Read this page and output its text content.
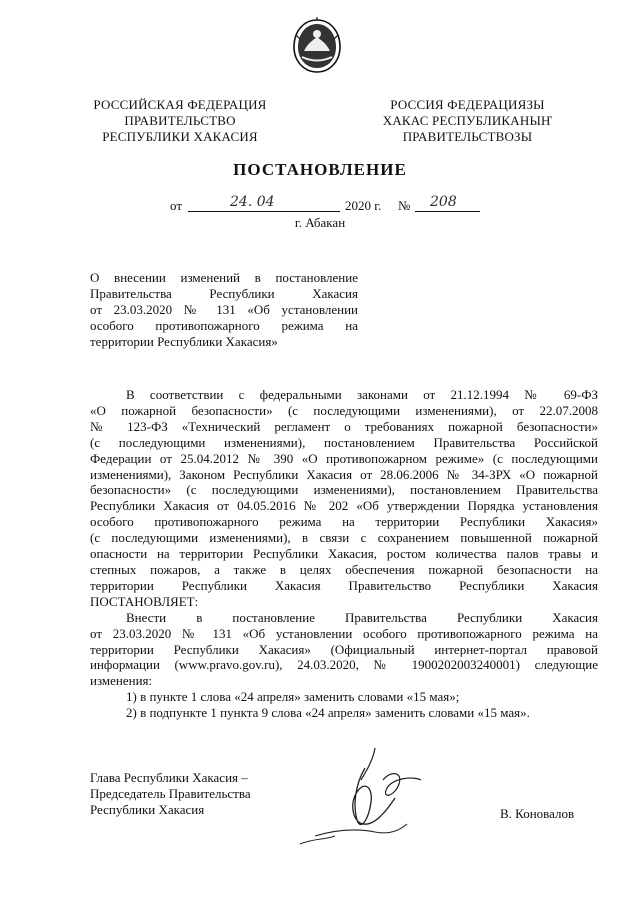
РОССИЙСКАЯ ФЕДЕРАЦИЯ
ПРАВИТЕЛЬСТВО
РЕСПУБЛИКИ ХАКАСИЯ
РОССИЯ ФЕДЕРАЦИЯЗЫ
ХАКАС РЕСПУБЛИКАНЫҤ
ПРАВИТЕЛЬСТВОЗЫ
ПОСТАНОВЛЕНИЕ
от	24. 04	2020 г. № 208
г. Абакан
О внесении изменений в постановление
Правительства Республики Хакасия
от 23.03.2020 № 131 «Об установлении
особого противопожарного режима на
территории Республики Хакасия»
В соответствии с федеральными законами от 21.12.1994 № 69-ФЗ
«О пожарной безопасности» (с последующими изменениями), от 22.07.2008
№ 123-ФЗ «Технический регламент о требованиях пожарной безопасности»
(с последующими изменениями), постановлением Правительства Российской
Федерации от 25.04.2012 № 390 «О противопожарном режиме» (с последующими
изменениями), Законом Республики Хакасия от 28.06.2006 № 34-ЗРХ «О пожарной
безопасности» (с последующими изменениями), постановлением Правительства
Республики Хакасия от 04.05.2016 № 202 «Об утверждении Порядка установления
особого противопожарного режима на территории Республики Хакасия»
(с последующими изменениями), в связи с сохранением повышенной пожарной
опасности на территории Республики Хакасия, ростом количества палов травы и
степных пожаров, а также в целях обеспечения пожарной безопасности на
территории Республики Хакасия Правительство Республики Хакасия
ПОСТАНОВЛЯЕТ:
Внести в постановление Правительства Республики Хакасия
от 23.03.2020 № 131 «Об установлении особого противопожарного режима на
территории Республики Хакасия» (Официальный интернет-портал правовой
информации (www.pravo.gov.ru), 24.03.2020, № 1900202003240001) следующие
изменения:
1) в пункте 1 слова «24 апреля» заменить словами «15 мая»;
2) в подпункте 1 пункта 9 слова «24 апреля» заменить словами «15 мая».
Глава Республики Хакасия –
Председатель Правительства
Республики Хакасия	В. Коновалов
